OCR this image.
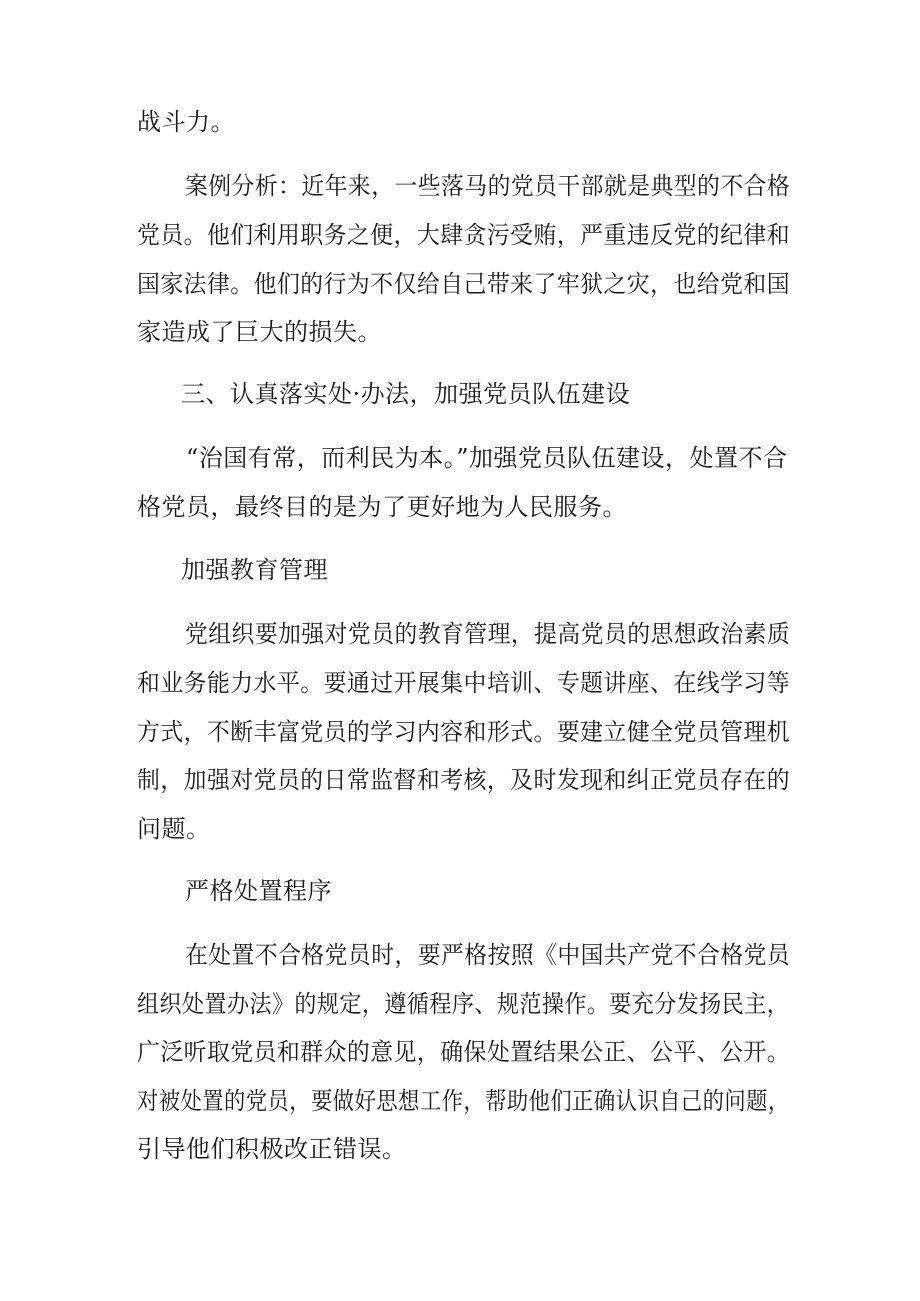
战斗力。
案例分析：近年来，一些落马的党员干部就是典型的不合格
党员。他们利用职务之便，大肆贪污受贿，严重违反党的纪律和
国家法律。他们的行为不仅给自己带来了牢狱之灾，也给党和国
家造成了巨大的损失。
三、认真落实处·办法，加强党员队伍建设
“治国有常，而利民为本。”加强党员队伍建设，处置不合
格党员，最终目的是为了更好地为人民服务。
加强教育管理
党组织要加强对党员的教育管理，提高党员的思想政治素质
和业务能力水平。要通过开展集中培训、专题讲座、在线学习等
方式，不断丰富党员的学习内容和形式。要建立健全党员管理机
制，加强对党员的日常监督和考核，及时发现和纠正党员存在的
问题。
严格处置程序
在处置不合格党员时，要严格按照《中国共产党不合格党员
组织处置办法》的规定，遵循程序、规范操作。要充分发扬民主，
广泛听取党员和群众的意见，确保处置结果公正、公平、公开。
对被处置的党员，要做好思想工作，帮助他们正确认识自己的问题，
引导他们积极改正错误。
